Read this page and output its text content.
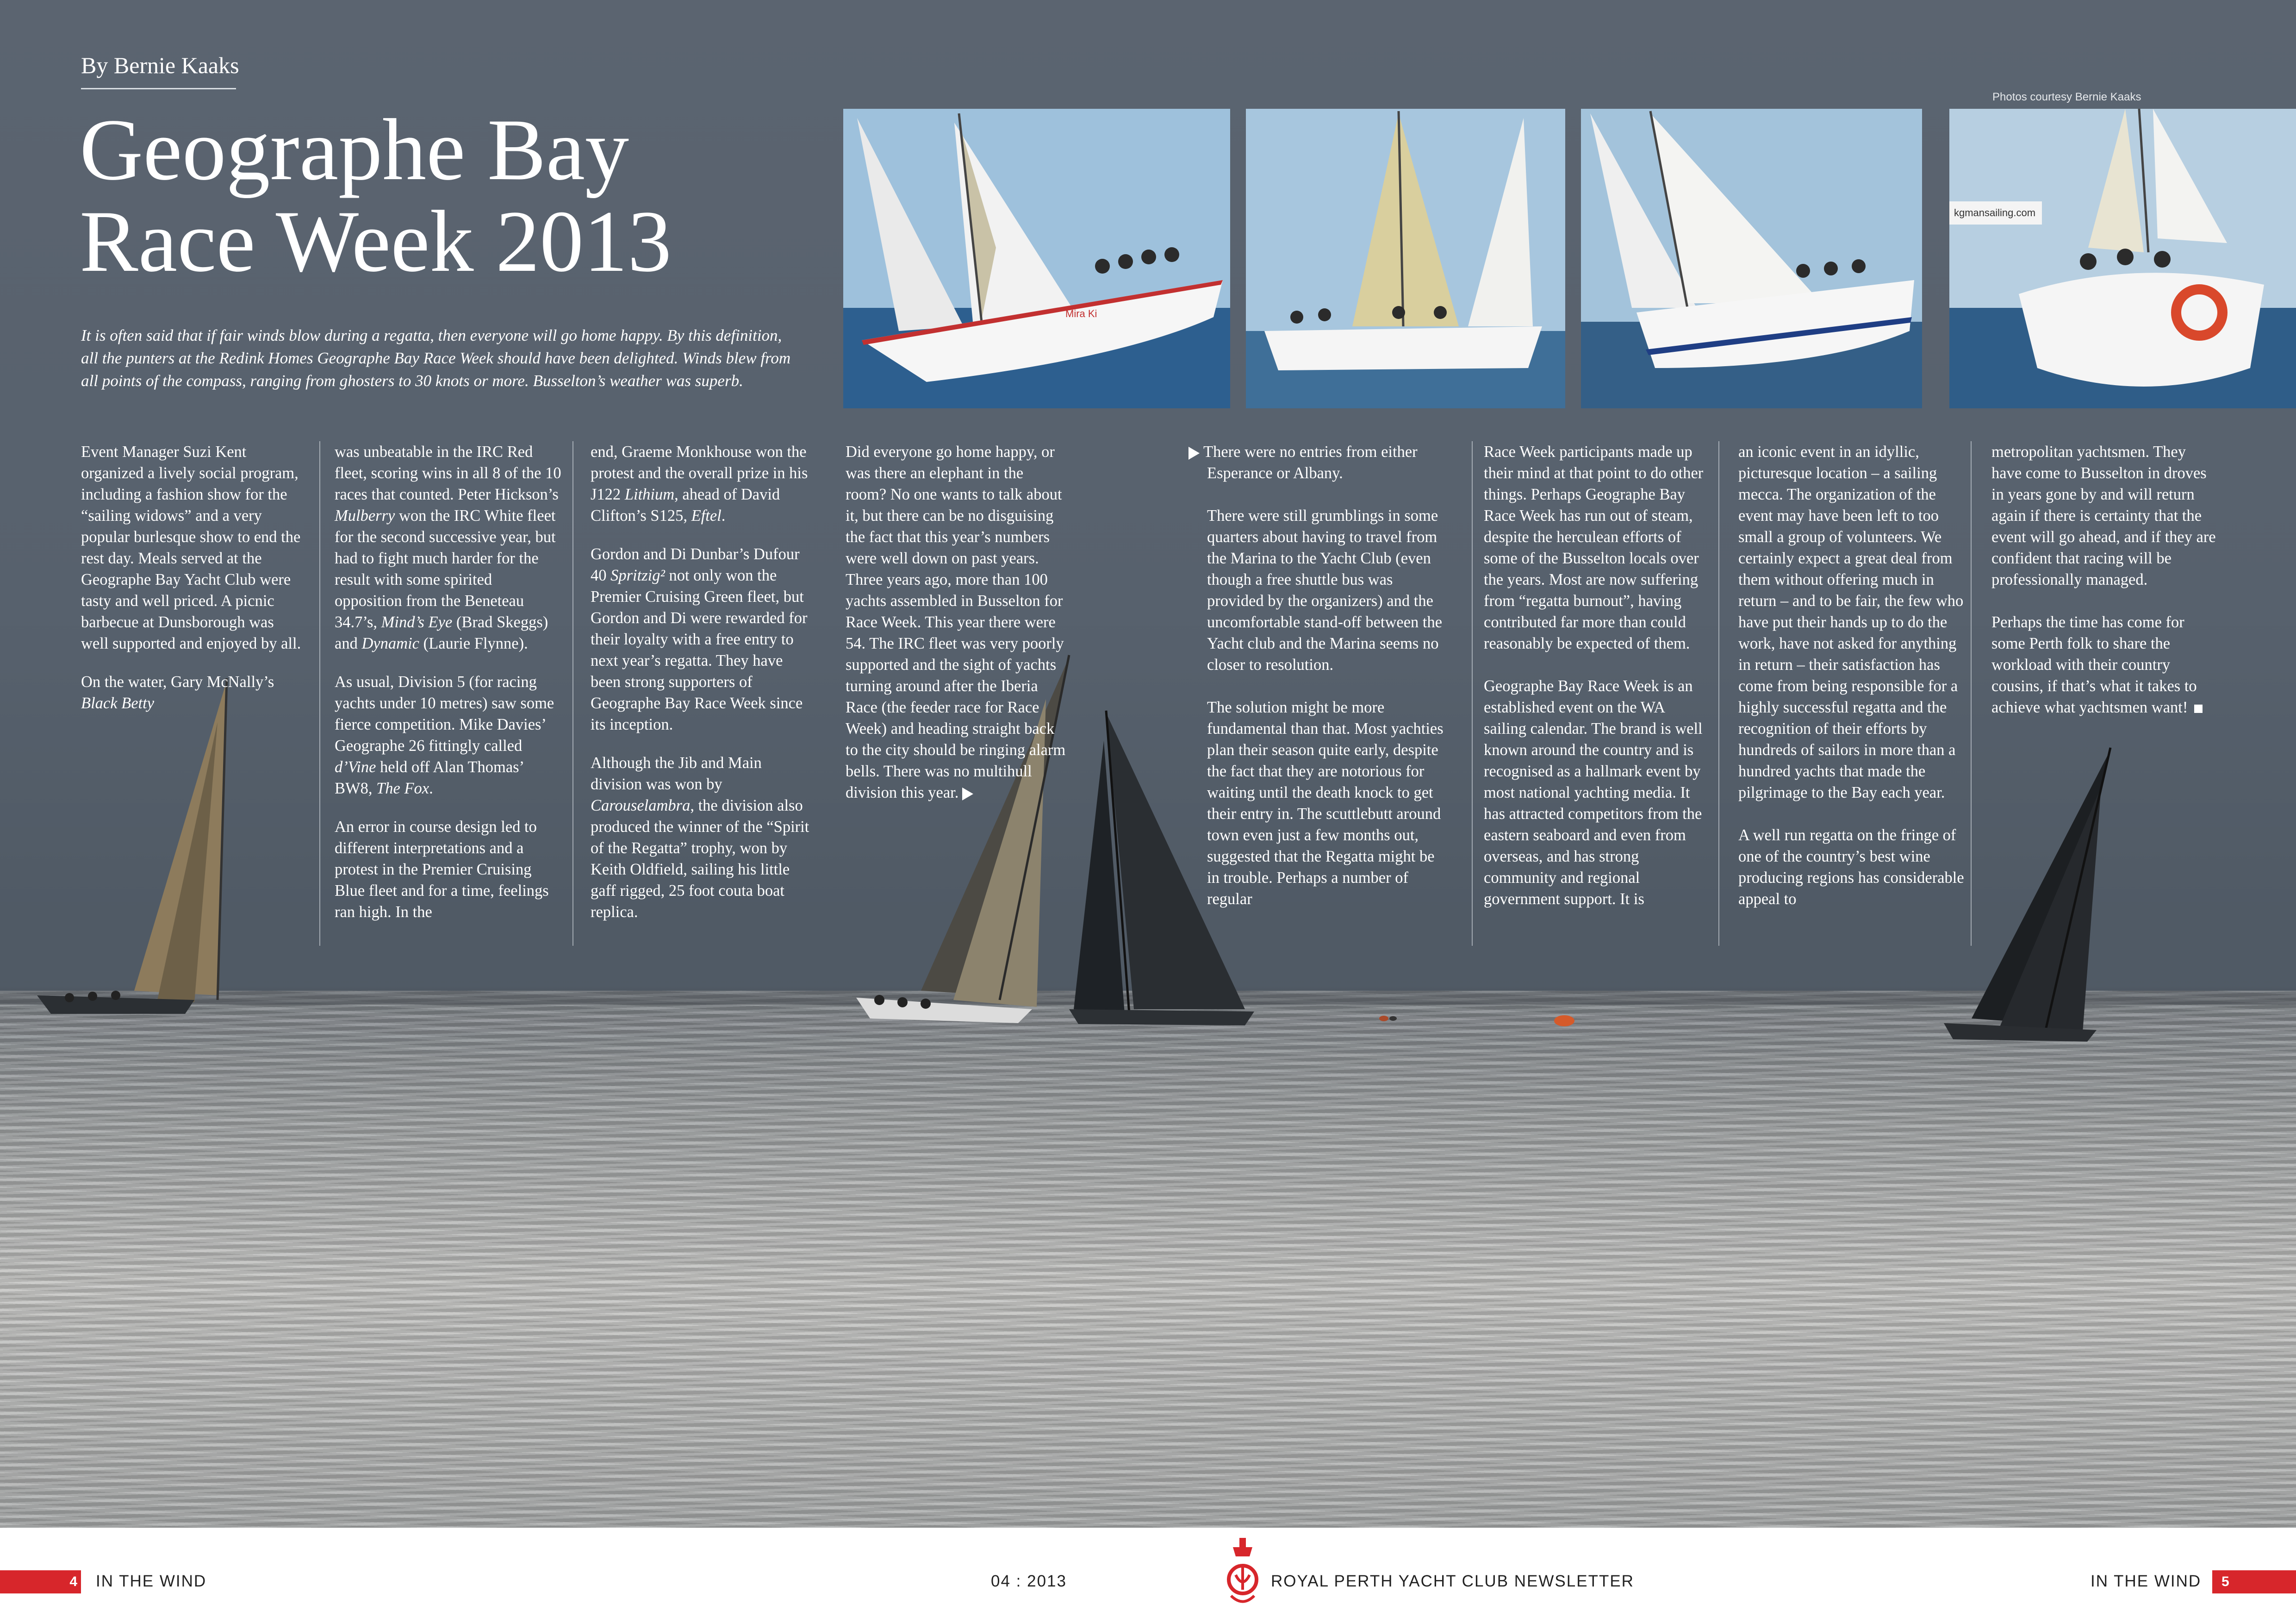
By Bernie Kaaks
Geographe Bay
Race Week 2013
It is often said that if fair winds blow during a regatta, then everyone will go home happy. By this definition, all the punters at the Redink Homes Geographe Bay Race Week should have been delighted. Winds blew from all points of the compass, ranging from ghosters to 30 knots or more. Busselton’s weather was superb.
Photos courtesy Bernie Kaaks
Mira Ki
kgmansailing.com

Event Manager Suzi Kent organized a lively social program, including a fashion show for the “sailing widows” and a very popular burlesque show to end the rest day. Meals served at the Geographe Bay Yacht Club were tasty and well priced. A picnic barbecue at Dunsborough was well supported and enjoyed by all.

On the water, Gary McNally’s Black Betty

was unbeatable in the IRC Red fleet, scoring wins in all 8 of the 10 races that counted. Peter Hickson’s Mulberry won the IRC White fleet for the second successive year, but had to fight much harder for the result with some spirited opposition from the Beneteau 34.7’s, Mind’s Eye (Brad Skeggs) and Dynamic (Laurie Flynne).

As usual, Division 5 (for racing yachts under 10 metres) saw some fierce competition. Mike Davies’ Geographe 26 fittingly called d’Vine held off Alan Thomas’ BW8, The Fox.

An error in course design led to different interpretations and a protest in the Premier Cruising Blue fleet and for a time, feelings ran high. In the

end, Graeme Monkhouse won the protest and the overall prize in his J122 Lithium, ahead of David Clifton’s S125, Eftel.

Gordon and Di Dunbar’s Dufour 40 Spritzig² not only won the Premier Cruising Green fleet, but Gordon and Di were rewarded for their loyalty with a free entry to next year’s regatta. They have been strong supporters of Geographe Bay Race Week since its inception.

Although the Jib and Main division was won by Carouselambra, the division also produced the winner of the “Spirit of the Regatta” trophy, won by Keith Oldfield, sailing his little gaff rigged, 25 foot couta boat replica.

Did everyone go home happy, or was there an elephant in the room? No one wants to talk about it, but there can be no disguising the fact that this year’s numbers were well down on past years. Three years ago, more than 100 yachts assembled in Busselton for Race Week. This year there were 54. The IRC fleet was very poorly supported and the sight of yachts turning around after the Iberia Race (the feeder race for Race Week) and heading straight back to the city should be ringing alarm bells. There was no multihull division this year.

There were no entries from either Esperance or Albany.

There were still grumblings in some quarters about having to travel from the Marina to the Yacht Club (even though a free shuttle bus was provided by the organizers) and the uncomfortable stand-off between the Yacht club and the Marina seems no closer to resolution.

The solution might be more fundamental than that. Most yachties plan their season quite early, despite the fact that they are notorious for waiting until the death knock to get their entry in. The scuttlebutt around town even just a few months out, suggested that the Regatta might be in trouble. Perhaps a number of regular

Race Week participants made up their mind at that point to do other things. Perhaps Geographe Bay Race Week has run out of steam, despite the herculean efforts of some of the Busselton locals over the years. Most are now suffering from “regatta burnout”, having contributed far more than could reasonably be expected of them.

Geographe Bay Race Week is an established event on the WA sailing calendar. The brand is well known around the country and is recognised as a hallmark event by most national yachting media. It has attracted competitors from the eastern seaboard and even from overseas, and has strong community and regional government support. It is

an iconic event in an idyllic, picturesque location – a sailing mecca. The organization of the event may have been left to too small a group of volunteers. We certainly expect a great deal from them without offering much in return – and to be fair, the few who have put their hands up to do the work, have not asked for anything in return – their satisfaction has come from being responsible for a highly successful regatta and the recognition of their efforts by hundreds of sailors in more than a hundred yachts that made the pilgrimage to the Bay each year.

A well run regatta on the fringe of one of the country’s best wine producing regions has considerable appeal to

metropolitan yachtsmen. They have come to Busselton in droves in years gone by and will return again if there is certainty that the event will go ahead, and if they are confident that racing will be professionally managed.

Perhaps the time has come for some Perth folk to share the workload with their country cousins, if that’s what it takes to achieve what yachtsmen want!

4 IN THE WIND	04 : 2013	ROYAL PERTH YACHT CLUB NEWSLETTER	IN THE WIND	5
